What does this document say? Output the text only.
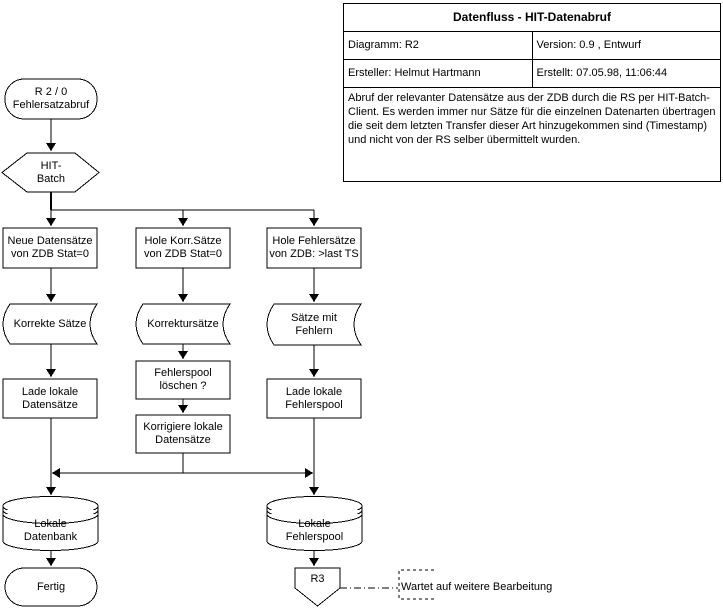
R 2 / 0
Fehlersatzabruf
HIT-
Batch
Neue Datensätze
von ZDB Stat=0
Hole Korr.Sätze
von ZDB Stat=0
Hole Fehlersätze
von ZDB: >last TS
Korrekte Sätze	Korrektursätze	Sätze mit
Fehlern
Lade lokale
Datensätze
Fehlerspool
löschen ?
Korrigiere lokale
Datensätze
Lade lokale
Fehlerspool
Lokale
Datenbank
Lokale
Fehlerspool
Fertig
R3
Wartet auf weitere Bearbeitung
Datenfluss - HIT-Datenabruf
Diagramm: R2	Version: 0.9 , Entwurf
Ersteller: Helmut Hartmann	Erstellt: 07.05.98, 11:06:44
Abruf der relevanter Datensätze aus der ZDB durch die RS per HIT-Batch-Client. Es werden immer nur Sätze für die einzelnen Datenarten übertragen die seit dem letzten Transfer dieser Art hinzugekommen sind (Timestamp) und nicht von der RS selber übermittelt wurden.
